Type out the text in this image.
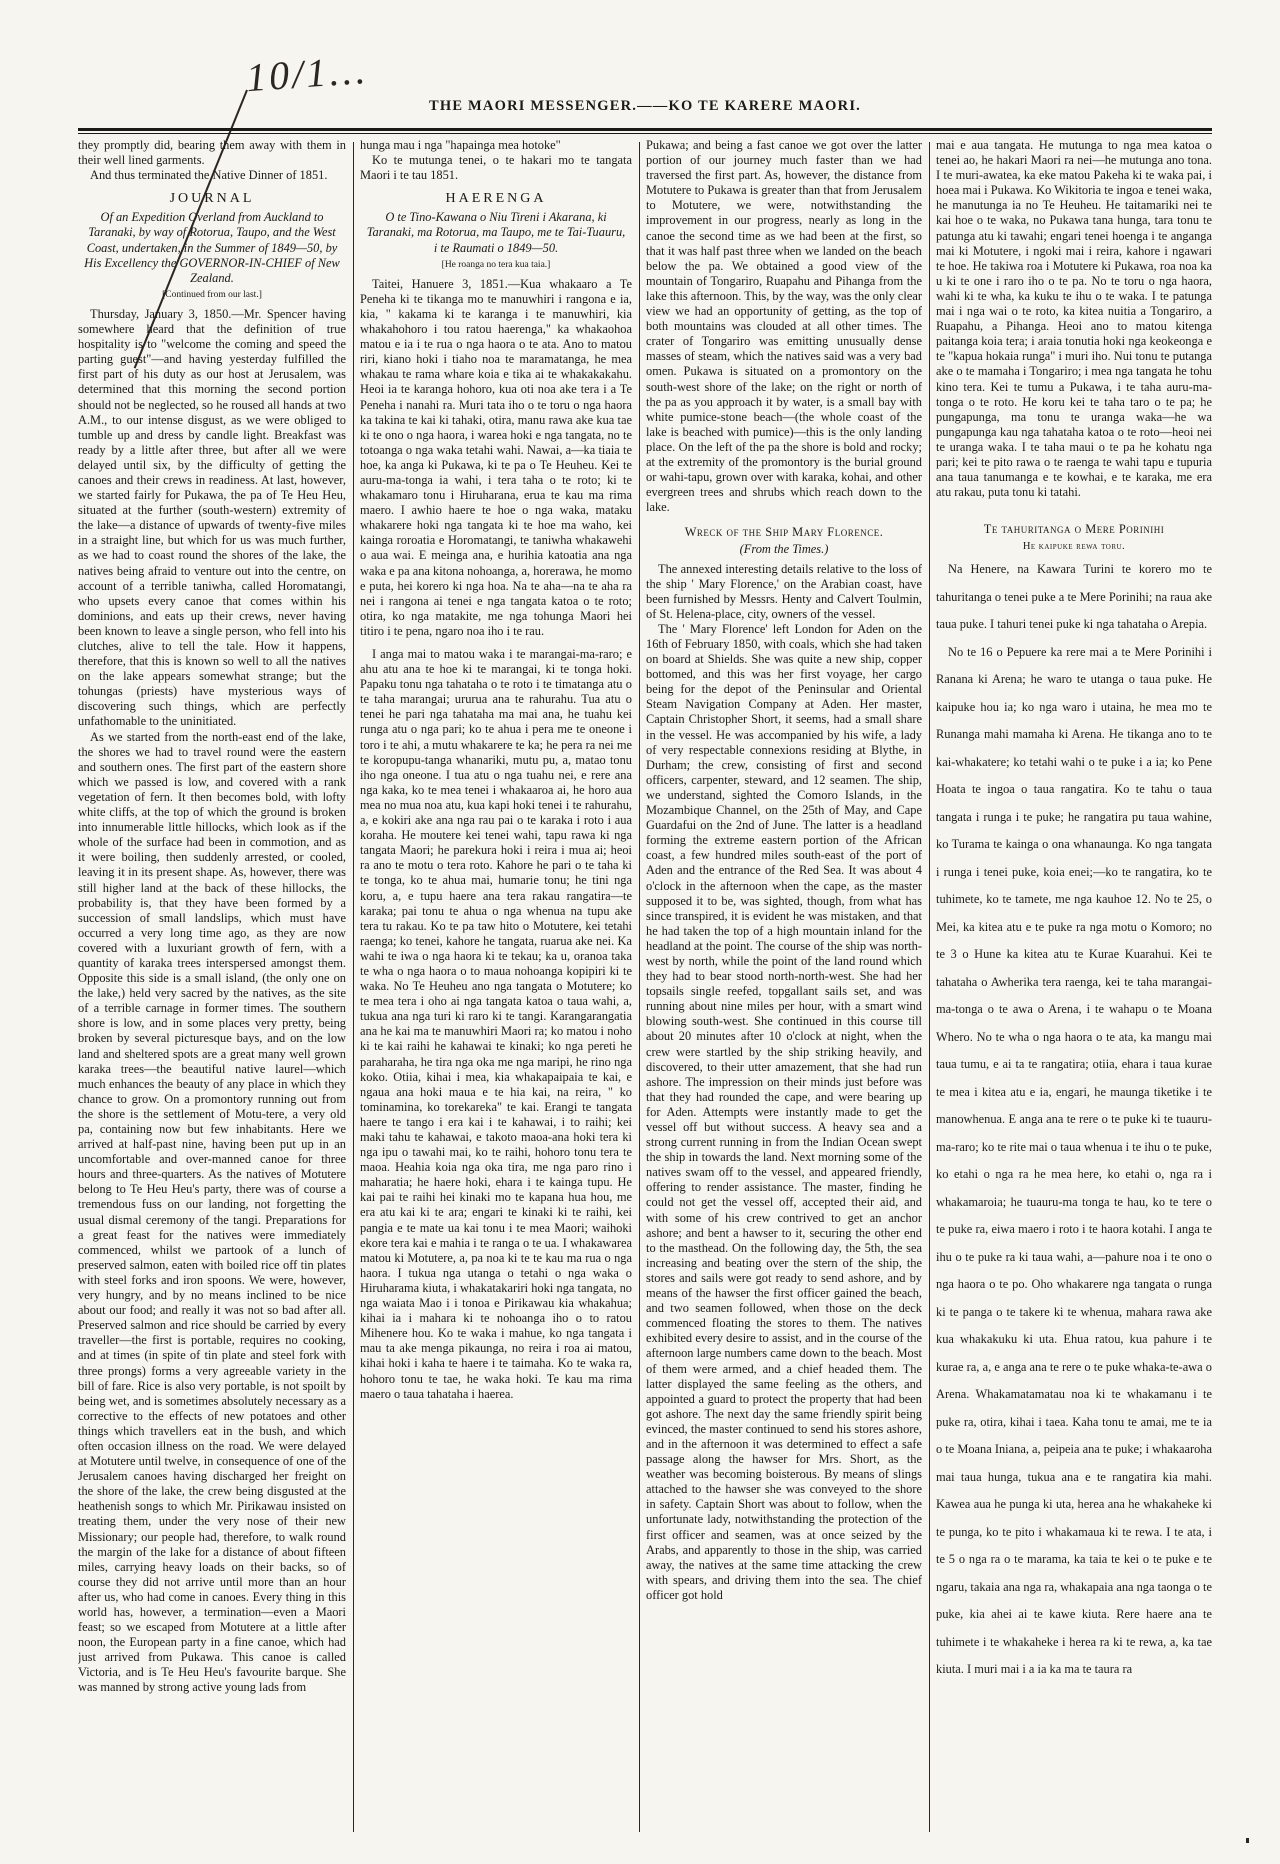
10/1...
THE MAORI MESSENGER.——KO TE KARERE MAORI.

they promptly did, bearing them away with them in their well lined garments.

And thus terminated the Native Dinner of 1851.

JOURNAL

Of an Expedition Overland from Auckland to Taranaki, by way of Rotorua, Taupo, and the West Coast, undertaken, in the Summer of 1849—50, by His Excellency the GOVERNOR-IN-CHIEF of New Zealand.

[Continued from our last.]

Thursday, January 3, 1850.—Mr. Spencer having somewhere heard that the definition of true hospitality is to "welcome the coming and speed the parting guest"—and having yesterday fulfilled the first part of his duty as our host at Jerusalem, was determined that this morning the second portion should not be neglected, so he roused all hands at two A.M., to our intense disgust, as we were obliged to tumble up and dress by candle light. Breakfast was ready by a little after three, but after all we were delayed until six, by the difficulty of getting the canoes and their crews in readiness. At last, however, we started fairly for Pukawa, the pa of Te Heu Heu, situated at the further (south-western) extremity of the lake—a distance of upwards of twenty-five miles in a straight line, but which for us was much further, as we had to coast round the shores of the lake, the natives being afraid to venture out into the centre, on account of a terrible taniwha, called Horomatangi, who upsets every canoe that comes within his dominions, and eats up their crews, never having been known to leave a single person, who fell into his clutches, alive to tell the tale. How it happens, therefore, that this is known so well to all the natives on the lake appears somewhat strange; but the tohungas (priests) have mysterious ways of discovering such things, which are perfectly unfathomable to the uninitiated.

As we started from the north-east end of the lake, the shores we had to travel round were the eastern and southern ones. The first part of the eastern shore which we passed is low, and covered with a rank vegetation of fern. It then becomes bold, with lofty white cliffs, at the top of which the ground is broken into innumerable little hillocks, which look as if the whole of the surface had been in commotion, and as it were boiling, then suddenly arrested, or cooled, leaving it in its present shape. As, however, there was still higher land at the back of these hillocks, the probability is, that they have been formed by a succession of small landslips, which must have occurred a very long time ago, as they are now covered with a luxuriant growth of fern, with a quantity of karaka trees interspersed amongst them. Opposite this side is a small island, (the only one on the lake,) held very sacred by the natives, as the site of a terrible carnage in former times. The southern shore is low, and in some places very pretty, being broken by several picturesque bays, and on the low land and sheltered spots are a great many well grown karaka trees—the beautiful native laurel—which much enhances the beauty of any place in which they chance to grow. On a promontory running out from the shore is the settlement of Motu-tere, a very old pa, containing now but few inhabitants. Here we arrived at half-past nine, having been put up in an uncomfortable and over-manned canoe for three hours and three-quarters. As the natives of Motutere belong to Te Heu Heu's party, there was of course a tremendous fuss on our landing, not forgetting the usual dismal ceremony of the tangi. Preparations for a great feast for the natives were immediately commenced, whilst we partook of a lunch of preserved salmon, eaten with boiled rice off tin plates with steel forks and iron spoons. We were, however, very hungry, and by no means inclined to be nice about our food; and really it was not so bad after all. Preserved salmon and rice should be carried by every traveller—the first is portable, requires no cooking, and at times (in spite of tin plate and steel fork with three prongs) forms a very agreeable variety in the bill of fare. Rice is also very portable, is not spoilt by being wet, and is sometimes absolutely necessary as a corrective to the effects of new potatoes and other things which travellers eat in the bush, and which often occasion illness on the road. We were delayed at Motutere until twelve, in consequence of one of the Jerusalem canoes having discharged her freight on the shore of the lake, the crew being disgusted at the heathenish songs to which Mr. Pirikawau insisted on treating them, under the very nose of their new Missionary; our people had, therefore, to walk round the margin of the lake for a distance of about fifteen miles, carrying heavy loads on their backs, so of course they did not arrive until more than an hour after us, who had come in canoes. Every thing in this world has, however, a termination—even a Maori feast; so we escaped from Motutere at a little after noon, the European party in a fine canoe, which had just arrived from Pukawa. This canoe is called Victoria, and is Te Heu Heu's favourite barque. She was manned by strong active young lads from

hunga mau i nga "hapainga mea hotoke"

Ko te mutunga tenei, o te hakari mo te tangata Maori i te tau 1851.

HAERENGA

O te Tino-Kawana o Niu Tireni i Akarana, ki Taranaki, ma Rotorua, ma Taupo, me te Tai-Tuauru, i te Raumati o 1849—50.

[He roanga no tera kua taia.]

Taitei, Hanuere 3, 1851.—Kua whakaaro a Te Peneha ki te tikanga mo te manuwhiri i rangona e ia, kia, " kakama ki te karanga i te manuwhiri, kia whakahohoro i tou ratou haerenga," ka whakaohoa matou e ia i te rua o nga haora o te ata. Ano to matou riri, kiano hoki i tiaho noa te maramatanga, he mea whakau te rama whare koia e tika ai te whakakakahu. Heoi ia te karanga hohoro, kua oti noa ake tera i a Te Peneha i nanahi ra. Muri tata iho o te toru o nga haora ka takina te kai ki tahaki, otira, manu rawa ake kua tae ki te ono o nga haora, i warea hoki e nga tangata, no te totoanga o nga waka tetahi wahi. Nawai, a—ka tiaia te hoe, ka anga ki Pukawa, ki te pa o Te Heuheu. Kei te auru-ma-tonga ia wahi, i tera taha o te roto; ki te whakamaro tonu i Hiruharana, erua te kau ma rima maero. I awhio haere te hoe o nga waka, mataku whakarere hoki nga tangata ki te hoe ma waho, kei kainga roroatia e Horomatangi, te taniwha whakawehi o aua wai. E meinga ana, e hurihia katoatia ana nga waka e pa ana kitona nohoanga, a, horerawa, he momo e puta, hei korero ki nga hoa. Na te aha—na te aha ra nei i rangona ai tenei e nga tangata katoa o te roto; otira, ko nga matakite, me nga tohunga Maori hei titiro i te pena, ngaro noa iho i te rau.

I anga mai to matou waka i te marangai-ma-raro; e ahu atu ana te hoe ki te marangai, ki te tonga hoki. Papaku tonu nga tahataha o te roto i te timatanga atu o te taha marangai; ururua ana te rahurahu. Tua atu o tenei he pari nga tahataha ma mai ana, he tuahu kei runga atu o nga pari; ko te ahua i pera me te oneone i toro i te ahi, a mutu whakarere te ka; he pera ra nei me te koropupu-tanga whanariki, mutu pu, a, matao tonu iho nga oneone. I tua atu o nga tuahu nei, e rere ana nga kaka, ko te mea tenei i whakaaroa ai, he horo aua mea no mua noa atu, kua kapi hoki tenei i te rahurahu, a, e kokiri ake ana nga rau pai o te karaka i roto i aua koraha. He moutere kei tenei wahi, tapu rawa ki nga tangata Maori; he parekura hoki i reira i mua ai; heoi ra ano te motu o tera roto. Kahore he pari o te taha ki te tonga, ko te ahua mai, humarie tonu; he tini nga koru, a, e tupu haere ana tera rakau rangatira—te karaka; pai tonu te ahua o nga whenua na tupu ake tera tu rakau. Ko te pa taw hito o Motutere, kei tetahi raenga; ko tenei, kahore he tangata, ruarua ake nei. Ka wahi te iwa o nga haora ki te tekau; ka u, oranoa taka te wha o nga haora o to maua nohoanga kopipiri ki te waka. No Te Heuheu ano nga tangata o Motutere; ko te mea tera i oho ai nga tangata katoa o taua wahi, a, tukua ana nga turi ki raro ki te tangi. Karangarangatia ana he kai ma te manuwhiri Maori ra; ko matou i noho ki te kai raihi he kahawai te kinaki; ko nga pereti he paraharaha, he tira nga oka me nga maripi, he rino nga koko. Otiia, kihai i mea, kia whakapaipaia te kai, e ngaua ana hoki maua e te hia kai, na reira, " ko tominamina, ko torekareka" te kai. Erangi te tangata haere te tango i era kai i te kahawai, i to raihi; kei maki tahu te kahawai, e takoto maoa-ana hoki tera ki nga ipu o tawahi mai, ko te raihi, hohoro tonu tera te maoa. Heahia koia nga oka tira, me nga paro rino i maharatia; he haere hoki, ehara i te kainga tupu. He kai pai te raihi hei kinaki mo te kapana hua hou, me era atu kai ki te ara; engari te kinaki ki te raihi, kei pangia e te mate ua kai tonu i te mea Maori; waihoki ekore tera kai e mahia i te ranga o te ua. I whakawarea matou ki Motutere, a, pa noa ki te te kau ma rua o nga haora. I tukua nga utanga o tetahi o nga waka o Hiruharama kiuta, i whakatakariri hoki nga tangata, no nga waiata Mao i i tonoa e Pirikawau kia whakahua; kihai ia i mahara ki te nohoanga iho o to ratou Mihenere hou. Ko te waka i mahue, ko nga tangata i mau ta ake menga pikaunga, no reira i roa ai matou, kihai hoki i kaha te haere i te taimaha. Ko te waka ra, hohoro tonu te tae, he waka hoki. Te kau ma rima maero o taua tahataha i haerea.

Pukawa; and being a fast canoe we got over the latter portion of our journey much faster than we had traversed the first part. As, however, the distance from Motutere to Pukawa is greater than that from Jerusalem to Motutere, we were, notwithstanding the improvement in our progress, nearly as long in the canoe the second time as we had been at the first, so that it was half past three when we landed on the beach below the pa. We obtained a good view of the mountain of Tongariro, Ruapahu and Pihanga from the lake this afternoon. This, by the way, was the only clear view we had an opportunity of getting, as the top of both mountains was clouded at all other times. The crater of Tongariro was emitting unusually dense masses of steam, which the natives said was a very bad omen. Pukawa is situated on a promontory on the south-west shore of the lake; on the right or north of the pa as you approach it by water, is a small bay with white pumice-stone beach—(the whole coast of the lake is beached with pumice)—this is the only landing place. On the left of the pa the shore is bold and rocky; at the extremity of the promontory is the burial ground or wahi-tapu, grown over with karaka, kohai, and other evergreen trees and shrubs which reach down to the lake.

Wreck of the Ship Mary Florence.

(From the Times.)

The annexed interesting details relative to the loss of the ship ' Mary Florence,' on the Arabian coast, have been furnished by Messrs. Henty and Calvert Toulmin, of St. Helena-place, city, owners of the vessel.

The ' Mary Florence' left London for Aden on the 16th of February 1850, with coals, which she had taken on board at Shields. She was quite a new ship, copper bottomed, and this was her first voyage, her cargo being for the depot of the Peninsular and Oriental Steam Navigation Company at Aden. Her master, Captain Christopher Short, it seems, had a small share in the vessel. He was accompanied by his wife, a lady of very respectable connexions residing at Blythe, in Durham; the crew, consisting of first and second officers, carpenter, steward, and 12 seamen. The ship, we understand, sighted the Comoro Islands, in the Mozambique Channel, on the 25th of May, and Cape Guardafui on the 2nd of June. The latter is a headland forming the extreme eastern portion of the African coast, a few hundred miles south-east of the port of Aden and the entrance of the Red Sea. It was about 4 o'clock in the afternoon when the cape, as the master supposed it to be, was sighted, though, from what has since transpired, it is evident he was mistaken, and that he had taken the top of a high mountain inland for the headland at the point. The course of the ship was north-west by north, while the point of the land round which they had to bear stood north-north-west. She had her topsails single reefed, topgallant sails set, and was running about nine miles per hour, with a smart wind blowing south-west. She continued in this course till about 20 minutes after 10 o'clock at night, when the crew were startled by the ship striking heavily, and discovered, to their utter amazement, that she had run ashore. The impression on their minds just before was that they had rounded the cape, and were bearing up for Aden. Attempts were instantly made to get the vessel off but without success. A heavy sea and a strong current running in from the Indian Ocean swept the ship in towards the land. Next morning some of the natives swam off to the vessel, and appeared friendly, offering to render assistance. The master, finding he could not get the vessel off, accepted their aid, and with some of his crew contrived to get an anchor ashore; and bent a hawser to it, securing the other end to the masthead. On the following day, the 5th, the sea increasing and beating over the stern of the ship, the stores and sails were got ready to send ashore, and by means of the hawser the first officer gained the beach, and two seamen followed, when those on the deck commenced floating the stores to them. The natives exhibited every desire to assist, and in the course of the afternoon large numbers came down to the beach. Most of them were armed, and a chief headed them. The latter displayed the same feeling as the others, and appointed a guard to protect the property that had been got ashore. The next day the same friendly spirit being evinced, the master continued to send his stores ashore, and in the afternoon it was determined to effect a safe passage along the hawser for Mrs. Short, as the weather was becoming boisterous. By means of slings attached to the hawser she was conveyed to the shore in safety. Captain Short was about to follow, when the unfortunate lady, notwithstanding the protection of the first officer and seamen, was at once seized by the Arabs, and apparently to those in the ship, was carried away, the natives at the same time attacking the crew with spears, and driving them into the sea. The chief officer got hold

mai e aua tangata. He mutunga to nga mea katoa o tenei ao, he hakari Maori ra nei—he mutunga ano tona. I te muri-awatea, ka eke matou Pakeha ki te waka pai, i hoea mai i Pukawa. Ko Wikitoria te ingoa e tenei waka, he manutunga ia no Te Heuheu. He taitamariki nei te kai hoe o te waka, no Pukawa tana hunga, tara tonu te patunga atu ki tawahi; engari tenei hoenga i te anganga mai ki Motutere, i ngoki mai i reira, kahore i ngawari te hoe. He takiwa roa i Motutere ki Pukawa, roa noa ka u ki te one i raro iho o te pa. No te toru o nga haora, wahi ki te wha, ka kuku te ihu o te waka. I te patunga mai i nga wai o te roto, ka kitea nuitia a Tongariro, a Ruapahu, a Pihanga. Heoi ano to matou kitenga paitanga koia tera; i araia tonutia hoki nga keokeonga e te "kapua hokaia runga" i muri iho. Nui tonu te putanga ake o te mamaha i Tongariro; i mea nga tangata he tohu kino tera. Kei te tumu a Pukawa, i te taha auru-ma-tonga o te roto. He koru kei te taha taro o te pa; he pungapunga, ma tonu te uranga waka—he wa pungapunga kau nga tahataha katoa o te roto—heoi nei te uranga waka. I te taha maui o te pa he kohatu nga pari; kei te pito rawa o te raenga te wahi tapu e tupuria ana taua tanumanga e te kowhai, e te karaka, me era atu rakau, puta tonu ki tatahi.

Te tahuritanga o Mere Porinihi
He kaipuke rewa toru.

Na Henere, na Kawara Turini te korero mo te tahuritanga o tenei puke a te Mere Porinihi; na raua ake taua puke. I tahuri tenei puke ki nga tahataha o Arepia.

No te 16 o Pepuere ka rere mai a te Mere Porinihi i Ranana ki Arena; he waro te utanga o taua puke. He kaipuke hou ia; ko nga waro i utaina, he mea mo te Runanga mahi mamaha ki Arena. He tikanga ano to te kai-whakatere; ko tetahi wahi o te puke i a ia; ko Pene Hoata te ingoa o taua rangatira. Ko te tahu o taua tangata i runga i te puke; he rangatira pu taua wahine, ko Turama te kainga o ona whanaunga. Ko nga tangata i runga i tenei puke, koia enei;—ko te rangatira, ko te tuhimete, ko te tamete, me nga kauhoe 12. No te 25, o Mei, ka kitea atu e te puke ra nga motu o Komoro; no te 3 o Hune ka kitea atu te Kurae Kuarahui. Kei te tahataha o Awherika tera raenga, kei te taha marangai-ma-tonga o te awa o Arena, i te wahapu o te Moana Whero. No te wha o nga haora o te ata, ka mangu mai taua tumu, e ai ta te rangatira; otiia, ehara i taua kurae te mea i kitea atu e ia, engari, he maunga tiketike i te manowhenua. E anga ana te rere o te puke ki te tuauru-ma-raro; ko te rite mai o taua whenua i te ihu o te puke, ko etahi o nga ra he mea here, ko etahi o, nga ra i whakamaroia; he tuauru-ma tonga te hau, ko te tere o te puke ra, eiwa maero i roto i te haora kotahi. I anga te ihu o te puke ra ki taua wahi, a—pahure noa i te ono o nga haora o te po. Oho whakarere nga tangata o runga ki te panga o te takere ki te whenua, mahara rawa ake kua whakakuku ki uta. Ehua ratou, kua pahure i te kurae ra, a, e anga ana te rere o te puke whaka-te-awa o Arena. Whakamatamatau noa ki te whakamanu i te puke ra, otira, kihai i taea. Kaha tonu te amai, me te ia o te Moana Iniana, a, peipeia ana te puke; i whakaaroha mai taua hunga, tukua ana e te rangatira kia mahi. Kawea aua he punga ki uta, herea ana he whakaheke ki te punga, ko te pito i whakamaua ki te rewa. I te ata, i te 5 o nga ra o te marama, ka taia te kei o te puke e te ngaru, takaia ana nga ra, whakapaia ana nga taonga o te puke, kia ahei ai te kawe kiuta. Rere haere ana te tuhimete i te whakaheke i herea ra ki te rewa, a, ka tae kiuta. I muri mai i a ia ka ma te taura ra
